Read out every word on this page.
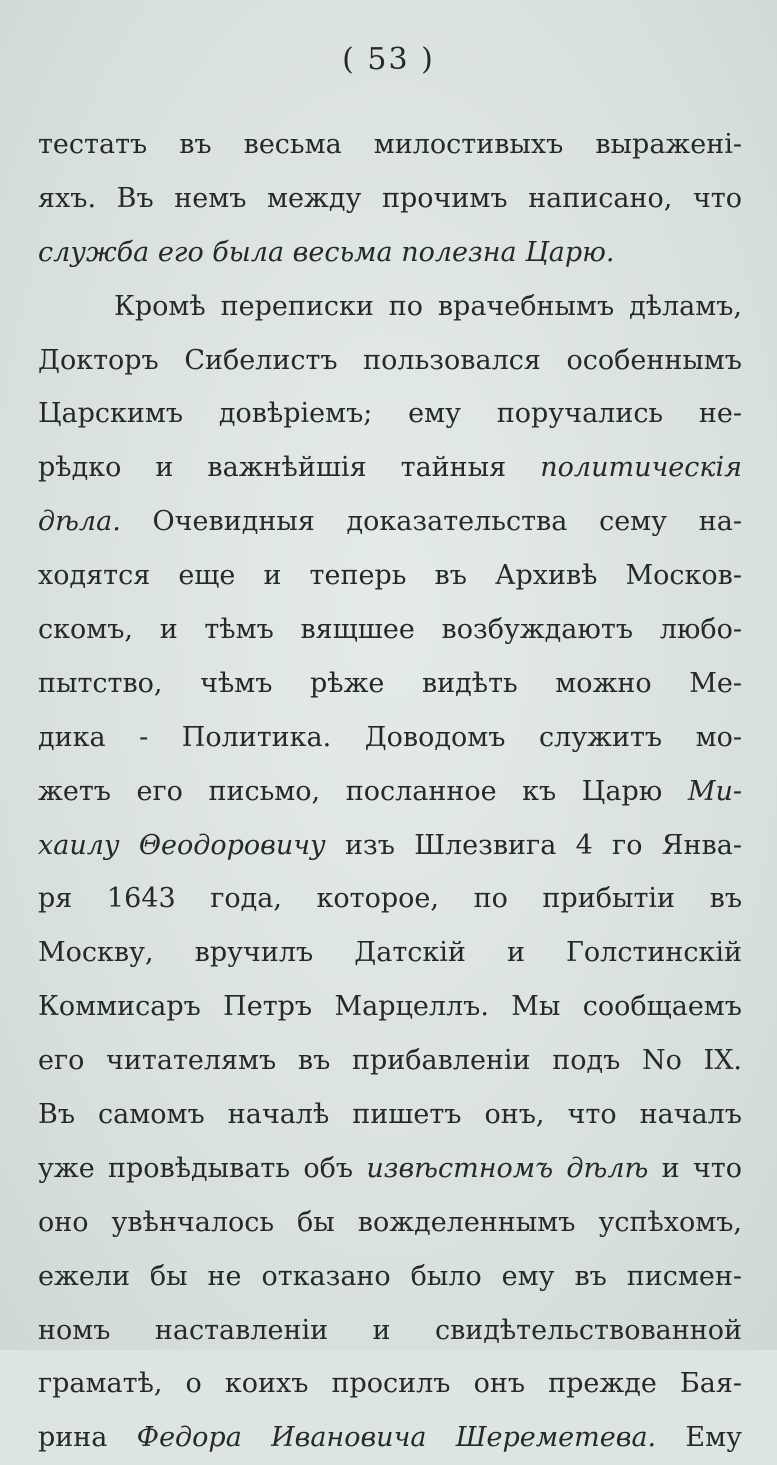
( 53 )
тестатъ въ весьма милостивыхъ выражені-
яхъ. Въ немъ между прочимъ написано, что
служба его была весьма полезна Царю.
Кромѣ переписки по врачебнымъ дѣламъ,
Докторъ Сибелистъ пользовался особеннымъ
Царскимъ довѣріемъ; ему поручались не-
рѣдко и важнѣйшія тайныя политическія
дѣла. Очевидныя доказательства сему на-
ходятся еще и теперь въ Архивѣ Москов-
скомъ, и тѣмъ вящшее возбуждаютъ любо-
пытство, чѣмъ рѣже видѣть можно Ме-
дика - Политика. Доводомъ служитъ мо-
жетъ его письмо, посланное къ Царю Ми-
хаилу Θеодоровичу изъ Шлезвига 4 го Янва-
ря 1643 года, которое, по прибытіи въ
Москву, вручилъ Датскій и Голстинскій
Коммисаръ Петръ Марцеллъ. Мы сообщаемъ
его читателямъ въ прибавленіи подъ No IX.
Въ самомъ началѣ пишетъ онъ, что началъ
уже провѣдывать объ извѣстномъ дѣлѣ и что
оно увѣнчалось бы вожделеннымъ успѣхомъ,
ежели бы не отказано было ему въ писмен-
номъ наставленіи и свидѣтельствованной
граматѣ, о коихъ просилъ онъ прежде Бая-
рина Федора Ивановича Шереметева. Ему
